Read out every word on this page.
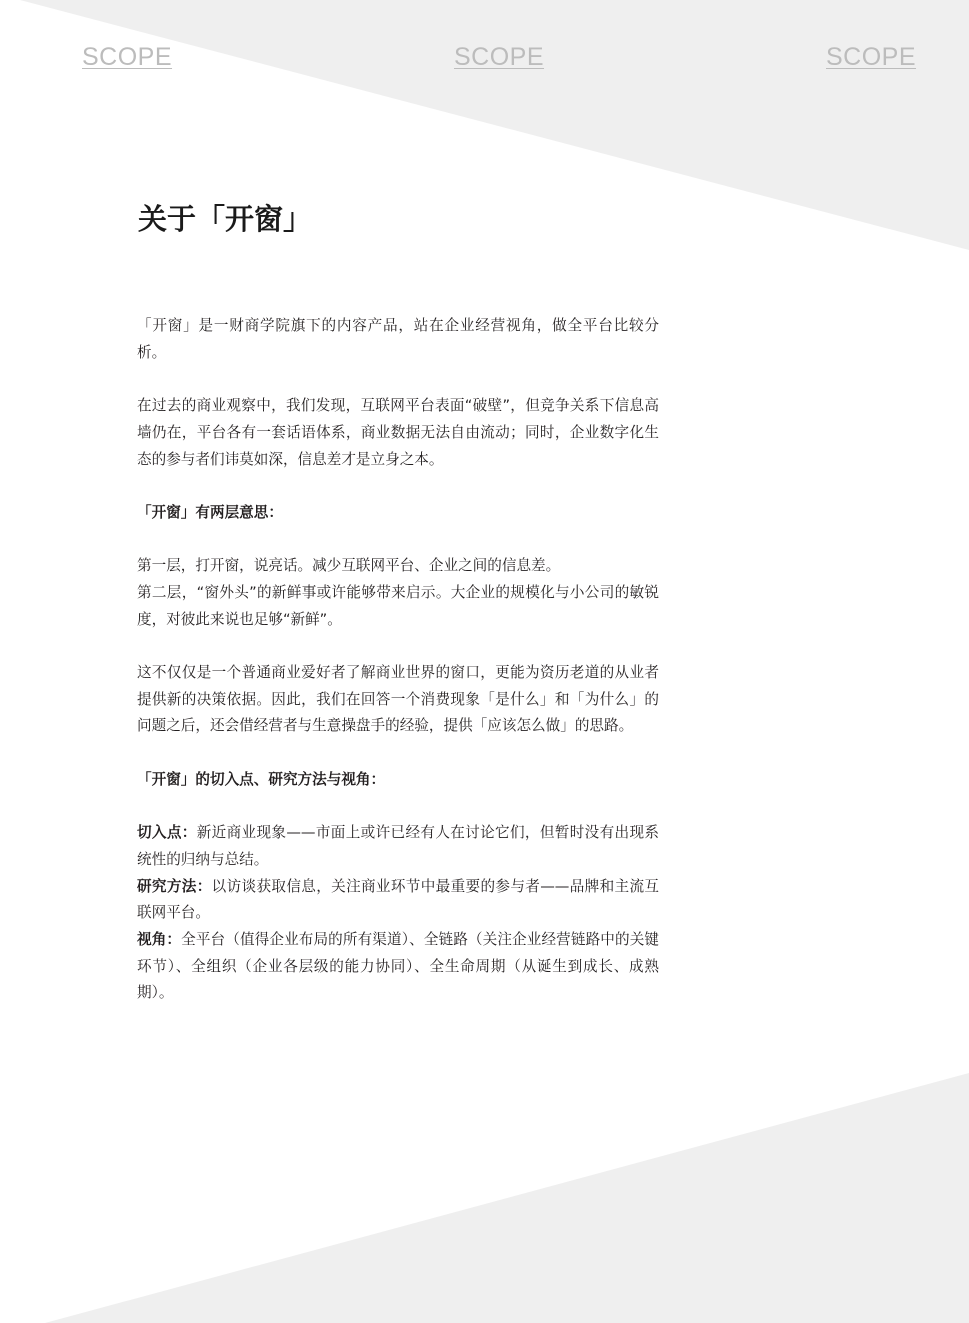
SCOPE	SCOPE	SCOPE
关于「开窗」

「开窗」是一财商学院旗下的内容产品，站在企业经营视角，做全平台比较分析。

在过去的商业观察中，我们发现，互联网平台表面“破壁”，但竞争关系下信息高墙仍在，平台各有一套话语体系，商业数据无法自由流动；同时，企业数字化生态的参与者们讳莫如深，信息差才是立身之本。

「开窗」有两层意思：

第一层，打开窗，说亮话。减少互联网平台、企业之间的信息差。

第二层，“窗外头”的新鲜事或许能够带来启示。大企业的规模化与小公司的敏锐度，对彼此来说也足够“新鲜”。

这不仅仅是一个普通商业爱好者了解商业世界的窗口，更能为资历老道的从业者提供新的决策依据。因此，我们在回答一个消费现象「是什么」和「为什么」的问题之后，还会借经营者与生意操盘手的经验，提供「应该怎么做」的思路。

「开窗」的切入点、研究方法与视角：

切入点：新近商业现象——市面上或许已经有人在讨论它们，但暂时没有出现系统性的归纳与总结。

研究方法：以访谈获取信息，关注商业环节中最重要的参与者——品牌和主流互联网平台。

视角：全平台（值得企业布局的所有渠道）、全链路（关注企业经营链路中的关键环节）、全组织（企业各层级的能力协同）、全生命周期（从诞生到成长、成熟期）。
